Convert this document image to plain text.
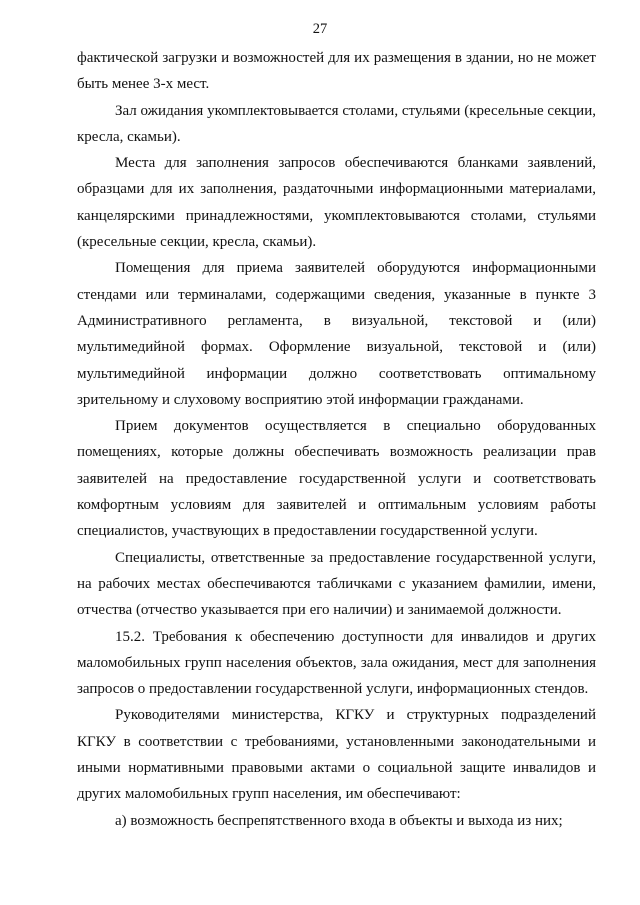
27

фактической загрузки и возможностей для их размещения в здании, но не может быть менее 3-х мест.

Зал ожидания укомплектовывается столами, стульями (кресельные секции, кресла, скамьи).

Места для заполнения запросов обеспечиваются бланками заявлений, образцами для их заполнения, раздаточными информационными материалами, канцелярскими принадлежностями, укомплектовываются столами, стульями (кресельные секции, кресла, скамьи).

Помещения для приема заявителей оборудуются информационными стендами или терминалами, содержащими сведения, указанные в пункте 3 Административного регламента, в визуальной, текстовой и (или) мультимедийной формах. Оформление визуальной, текстовой и (или) мультимедийной информации должно соответствовать оптимальному зрительному и слуховому восприятию этой информации гражданами.

Прием документов осуществляется в специально оборудованных помещениях, которые должны обеспечивать возможность реализации прав заявителей на предоставление государственной услуги и соответствовать комфортным условиям для заявителей и оптимальным условиям работы специалистов, участвующих в предоставлении государственной услуги.

Специалисты, ответственные за предоставление государственной услуги, на рабочих местах обеспечиваются табличками с указанием фамилии, имени, отчества (отчество указывается при его наличии) и занимаемой должности.

15.2. Требования к обеспечению доступности для инвалидов и других маломобильных групп населения объектов, зала ожидания, мест для заполнения запросов о предоставлении государственной услуги, информационных стендов.

Руководителями министерства, КГКУ и структурных подразделений КГКУ в соответствии с требованиями, установленными законодательными и иными нормативными правовыми актами о социальной защите инвалидов и других маломобильных групп населения, им обеспечивают:

а) возможность беспрепятственного входа в объекты и выхода из них;
